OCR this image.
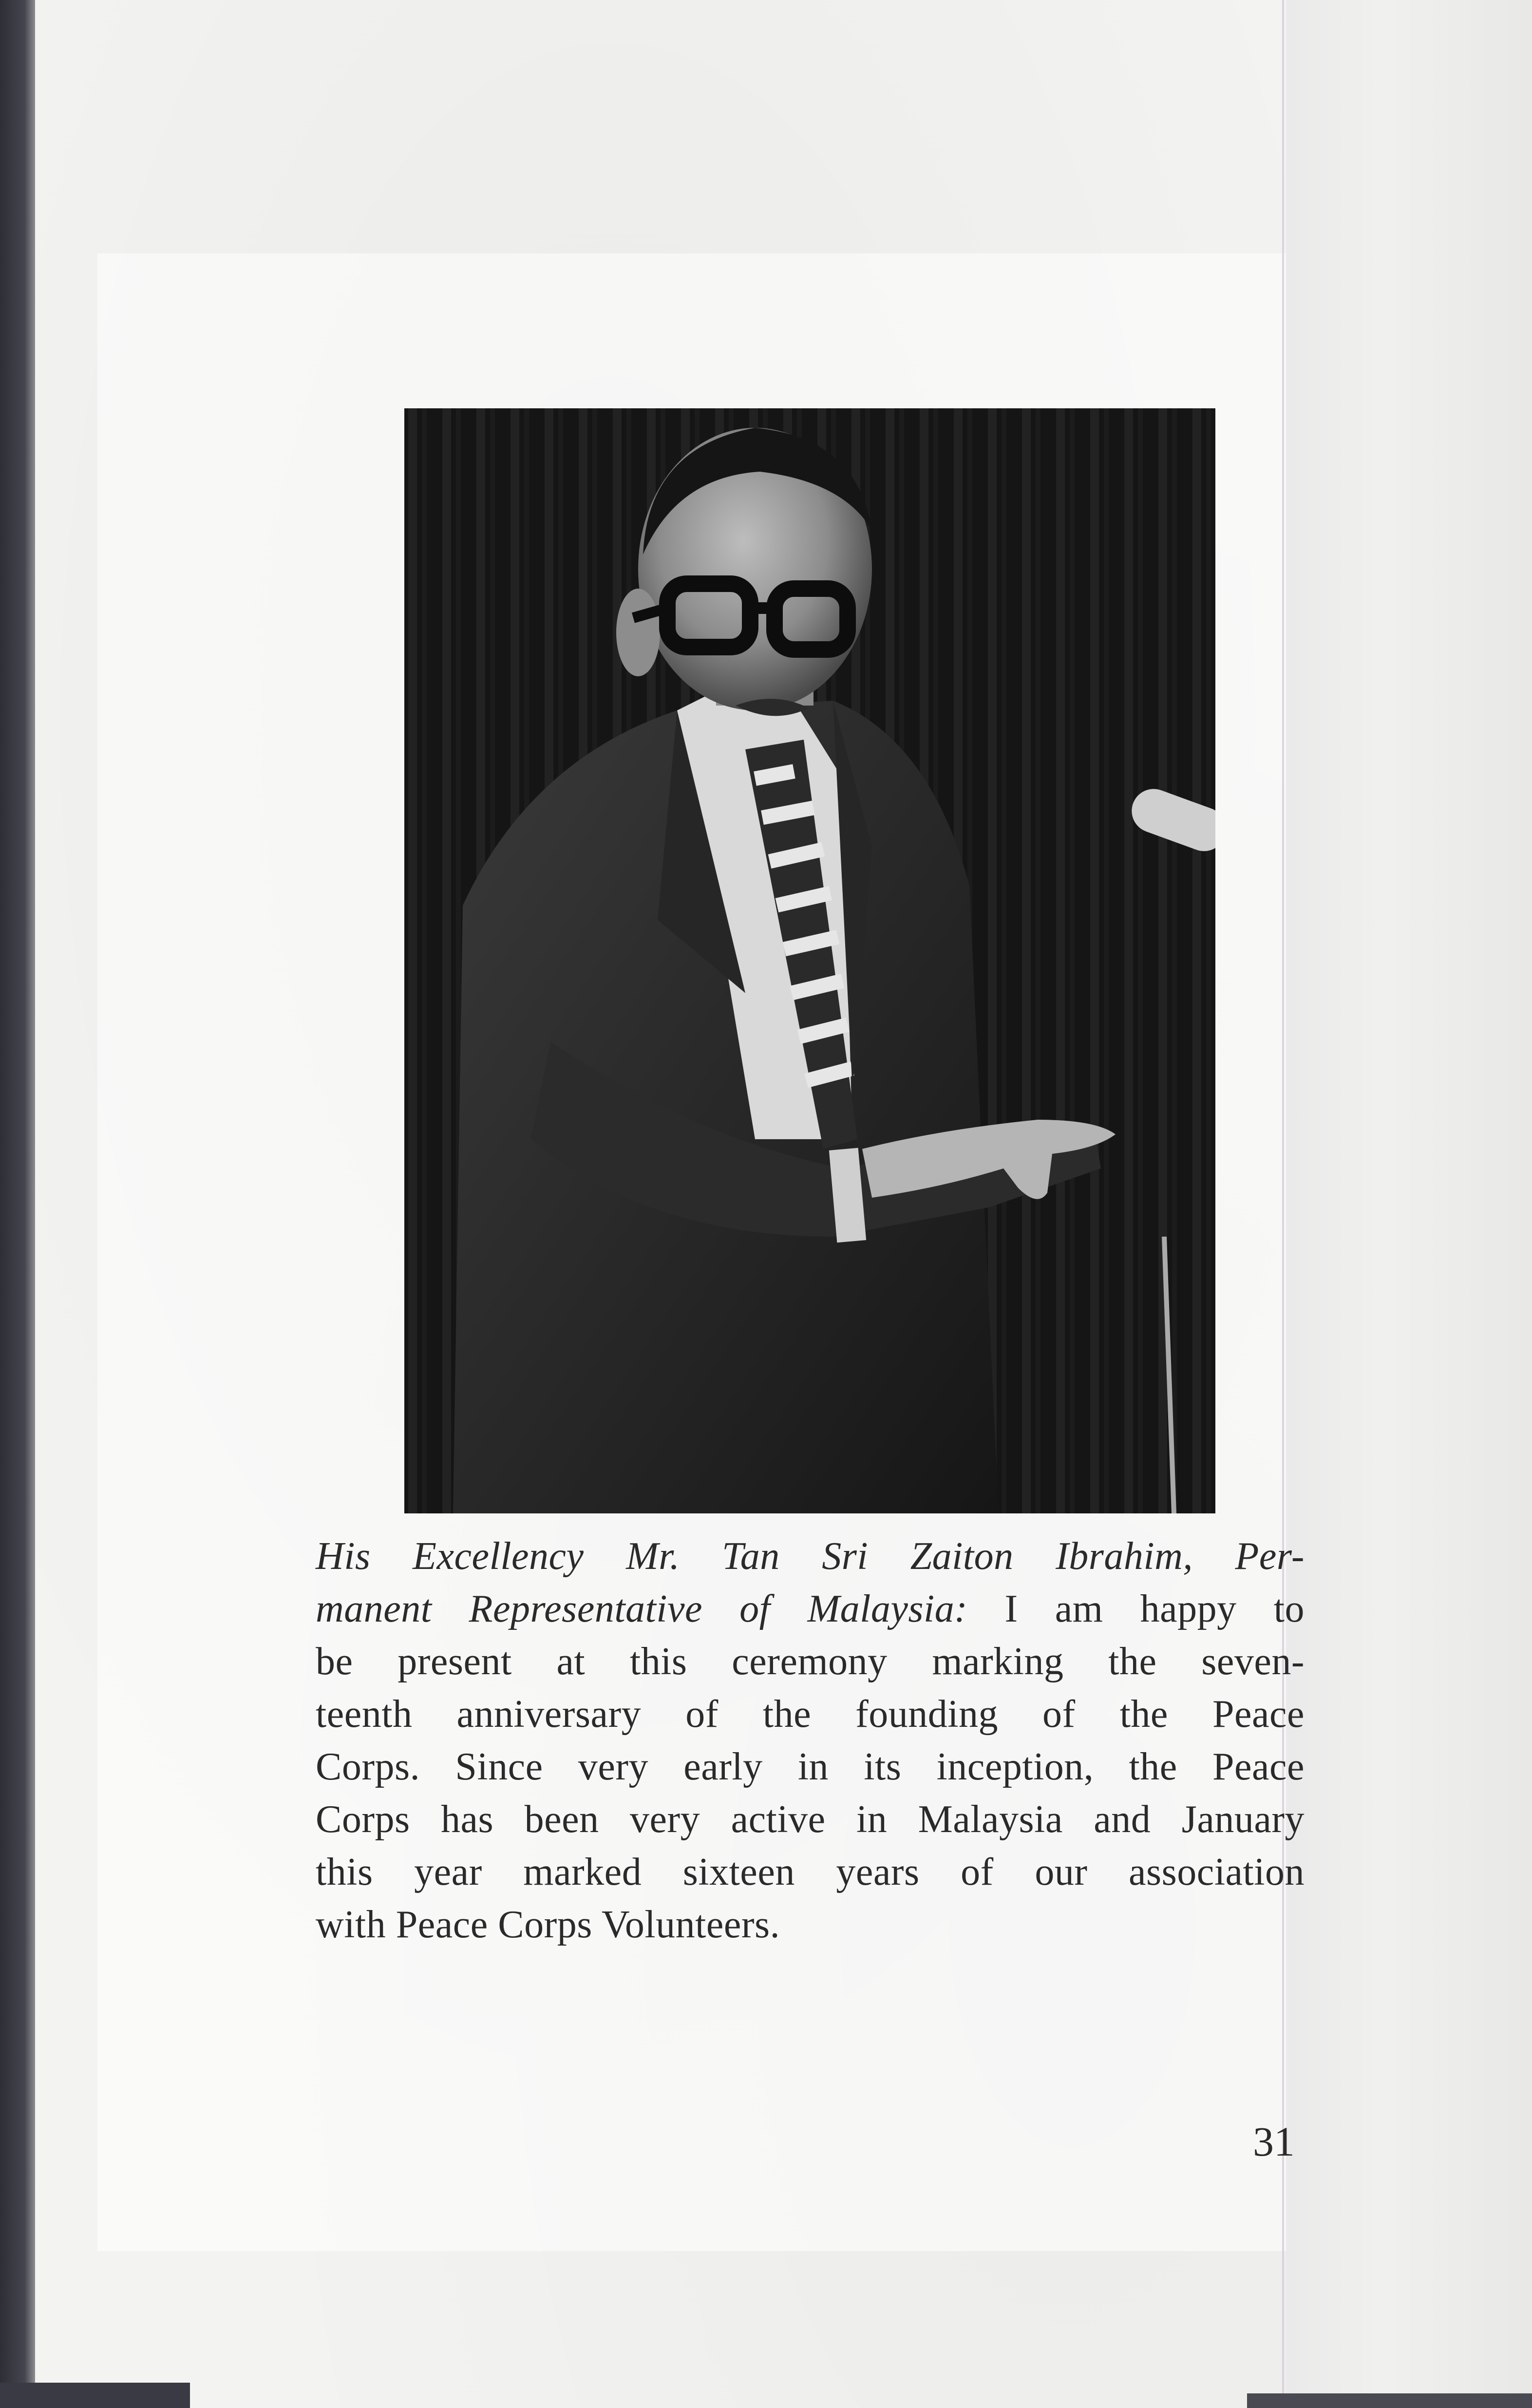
His Excellency Mr. Tan Sri Zaiton Ibrahim, Per-
manent Representative of Malaysia: I am happy to
be present at this ceremony marking the seven-
teenth anniversary of the founding of the Peace
Corps. Since very early in its inception, the Peace
Corps has been very active in Malaysia and January
this year marked sixteen years of our association
with Peace Corps Volunteers.
31
